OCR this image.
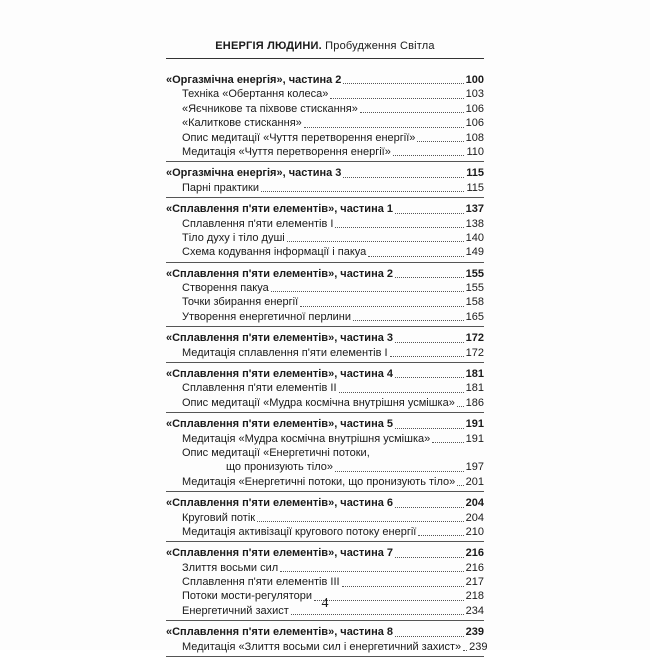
ЕНЕРГІЯ ЛЮДИНИ. Пробудження Світла
«Оргазмічна енергія», частина 2	100
Техніка «Обертання колеса»	103
«Яєчникове та піхвове стискання»	106
«Калиткове стискання»	106
Опис медитації «Чуття перетворення енергії»	108
Медитація «Чуття перетворення енергії»	110
«Оргазмічна енергія», частина 3	115
Парні практики	115
«Сплавлення п'яти елементів», частина 1	137
Сплавлення п'яти елементів I	138
Тіло духу і тіло душі	140
Схема кодування інформації і пакуа	149
«Сплавлення п'яти елементів», частина 2	155
Створення пакуа	155
Точки збирання енергії	158
Утворення енергетичної перлини	165
«Сплавлення п'яти елементів», частина 3	172
Медитація сплавлення п'яти елементів I	172
«Сплавлення п'яти елементів», частина 4	181
Сплавлення п'яти елементів II	181
Опис медитації «Мудра космічна внутрішня усмішка» 186
«Сплавлення п'яти елементів», частина 5	191
Медитація «Мудра космічна внутрішня усмішка»	191
Опис медитації «Енергетичні потоки,
що пронизують тіло»	197
Медитація «Енергетичні потоки, що пронизують тіло» 201
«Сплавлення п'яти елементів», частина 6	204
Круговий потік	204
Медитація активізації кругового потоку енергії	210
«Сплавлення п'яти елементів», частина 7	216
Злиття восьми сил	216
Сплавлення п'яти елементів III	217
Потоки мости-регулятори	218
Енергетичний захист	234
«Сплавлення п'яти елементів», частина 8	239
Медитація «Злиття восьми сил і енергетичний захист» 239
4
